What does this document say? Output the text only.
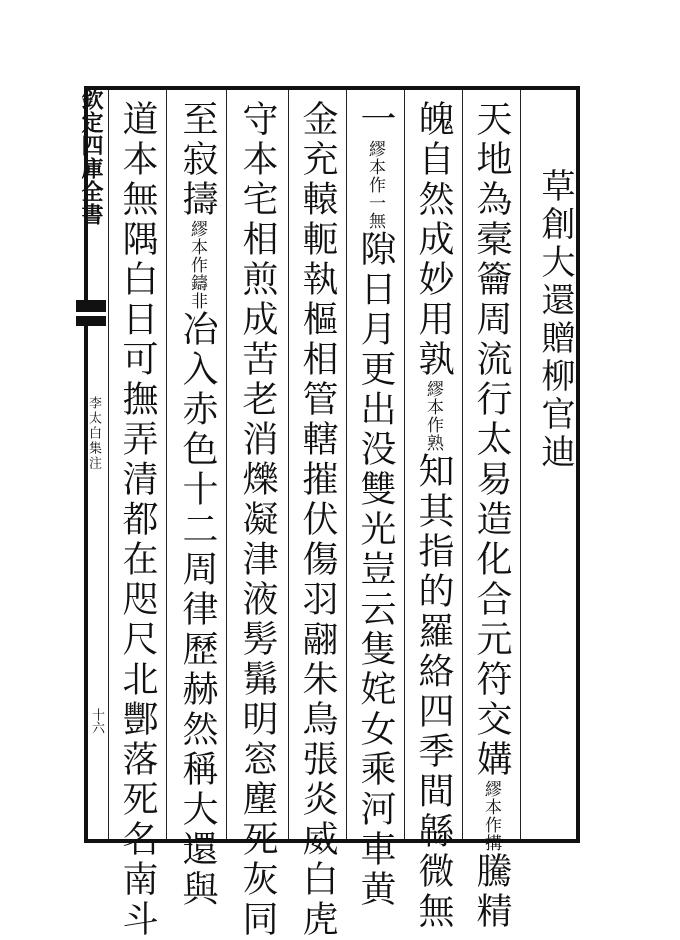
欽定四庫全書
李太白集注
十六
草創大還贈柳官迪
天地為槖籥周流行太易造化合元符交媾繆本作搆騰精
魄自然成妙用孰繆本作熟知其指的羅絡四季間緜微無
一繆本作一無隙日月更出没雙光豈云隻姹女乘河車黄
金充轅軛執樞相管轄摧伏傷羽翮朱鳥張炎威白虎
守本宅相煎成苦老消爍凝津液髣髴明窓塵死灰同
至寂擣繆本作鑄非冶入赤色十二周律歷赫然稱大還與
道本無隅白日可撫弄清都在咫尺北酆落死名南斗
